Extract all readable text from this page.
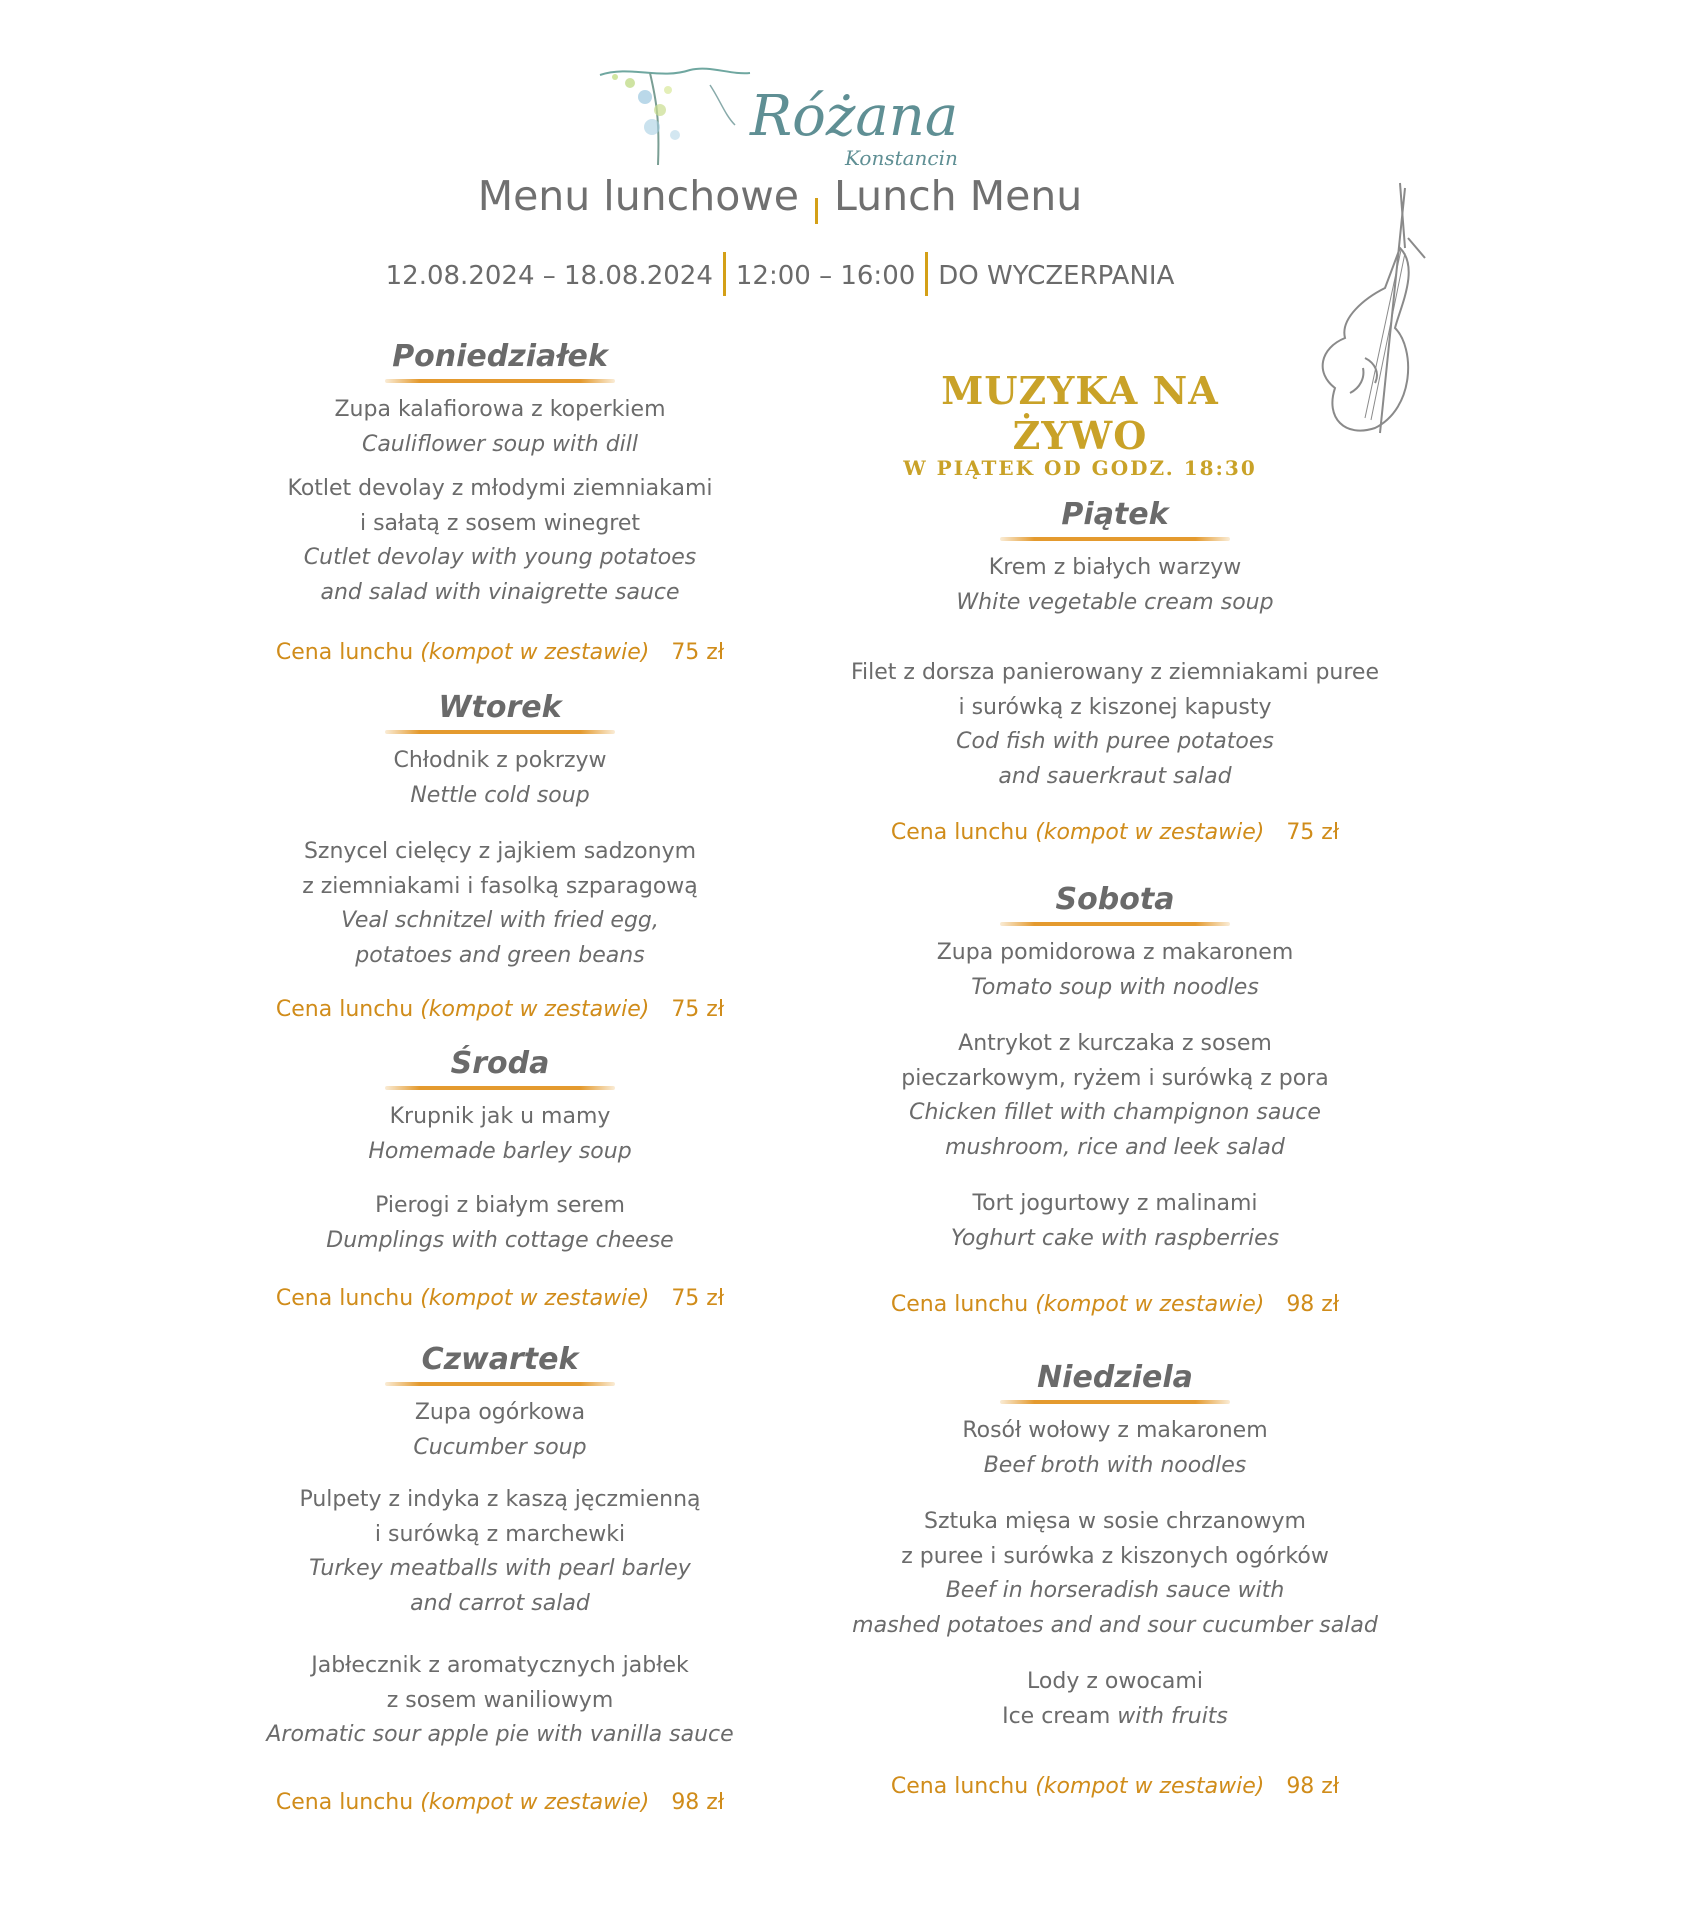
Różana
Konstancin
Menu lunchowe Lunch Menu
12.08.2024 – 18.08.2024 12:00 – 16:00 DO WYCZERPANIA
MUZYKA NA ŻYWO
W PIĄTEK OD GODZ. 18:30
Poniedziałek
Zupa kalafiorowa z koperkiem
Cauliflower soup with dill
Kotlet devolay z młodymi ziemniakami
i sałatą z sosem winegret
Cutlet devolay with young potatoes
and salad with vinaigrette sauce
Cena lunchu (kompot w zestawie) 75 zł
Wtorek
Chłodnik z pokrzyw
Nettle cold soup
Sznycel cielęcy z jajkiem sadzonym
z ziemniakami i fasolką szparagową
Veal schnitzel with fried egg,
potatoes and green beans
Cena lunchu (kompot w zestawie) 75 zł
Środa
Krupnik jak u mamy
Homemade barley soup
Pierogi z białym serem
Dumplings with cottage cheese
Cena lunchu (kompot w zestawie) 75 zł
Czwartek
Zupa ogórkowa
Cucumber soup
Pulpety z indyka z kaszą jęczmienną
i surówką z marchewki
Turkey meatballs with pearl barley
and carrot salad
Jabłecznik z aromatycznych jabłek
z sosem waniliowym
Aromatic sour apple pie with vanilla sauce
Cena lunchu (kompot w zestawie) 98 zł
Piątek
Krem z białych warzyw
White vegetable cream soup
Filet z dorsza panierowany z ziemniakami puree
i surówką z kiszonej kapusty
Cod fish with puree potatoes
and sauerkraut salad
Cena lunchu (kompot w zestawie) 75 zł
Sobota
Zupa pomidorowa z makaronem
Tomato soup with noodles
Antrykot z kurczaka z sosem
pieczarkowym, ryżem i surówką z pora
Chicken fillet with champignon sauce
mushroom, rice and leek salad
Tort jogurtowy z malinami
Yoghurt cake with raspberries
Cena lunchu (kompot w zestawie) 98 zł
Niedziela
Rosół wołowy z makaronem
Beef broth with noodles
Sztuka mięsa w sosie chrzanowym
z puree i surówka z kiszonych ogórków
Beef in horseradish sauce with
mashed potatoes and and sour cucumber salad
Lody z owocami
Ice cream with fruits
Cena lunchu (kompot w zestawie) 98 zł
